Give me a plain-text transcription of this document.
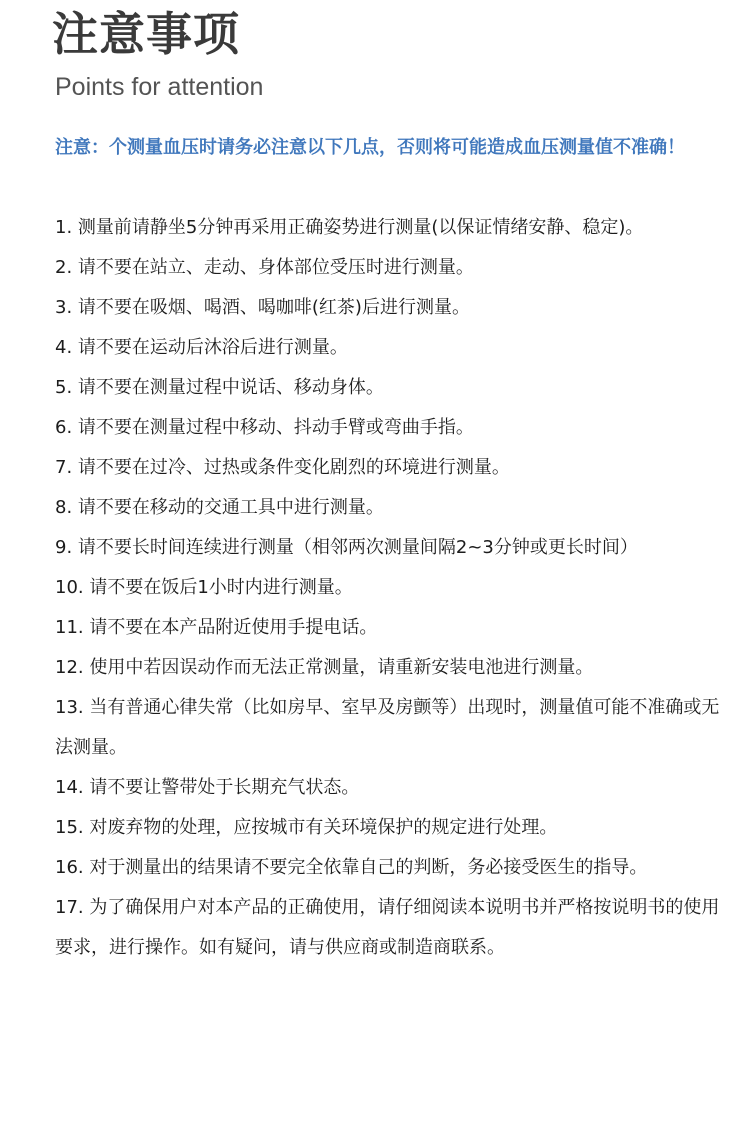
注意事项
Points for attention
注意：个测量血压时请务必注意以下几点，否则将可能造成血压测量值不准确！
1. 测量前请静坐5分钟再采用正确姿势进行测量(以保证情绪安静、稳定)。
2. 请不要在站立、走动、身体部位受压时进行测量。
3. 请不要在吸烟、喝酒、喝咖啡(红茶)后进行测量。
4. 请不要在运动后沐浴后进行测量。
5. 请不要在测量过程中说话、移动身体。
6. 请不要在测量过程中移动、抖动手臂或弯曲手指。
7. 请不要在过冷、过热或条件变化剧烈的环境进行测量。
8. 请不要在移动的交通工具中进行测量。
9. 请不要长时间连续进行测量（相邻两次测量间隔2~3分钟或更长时间）
10. 请不要在饭后1小时内进行测量。
11. 请不要在本产品附近使用手提电话。
12. 使用中若因误动作而无法正常测量，请重新安装电池进行测量。
13. 当有普通心律失常（比如房早、室早及房颤等）出现时，测量值可能不准确或无法测量。
14. 请不要让警带处于长期充气状态。
15. 对废弃物的处理，应按城市有关环境保护的规定进行处理。
16. 对于测量出的结果请不要完全依靠自己的判断，务必接受医生的指导。
17. 为了确保用户对本产品的正确使用，请仔细阅读本说明书并严格按说明书的使用要求，进行操作。如有疑问，请与供应商或制造商联系。
